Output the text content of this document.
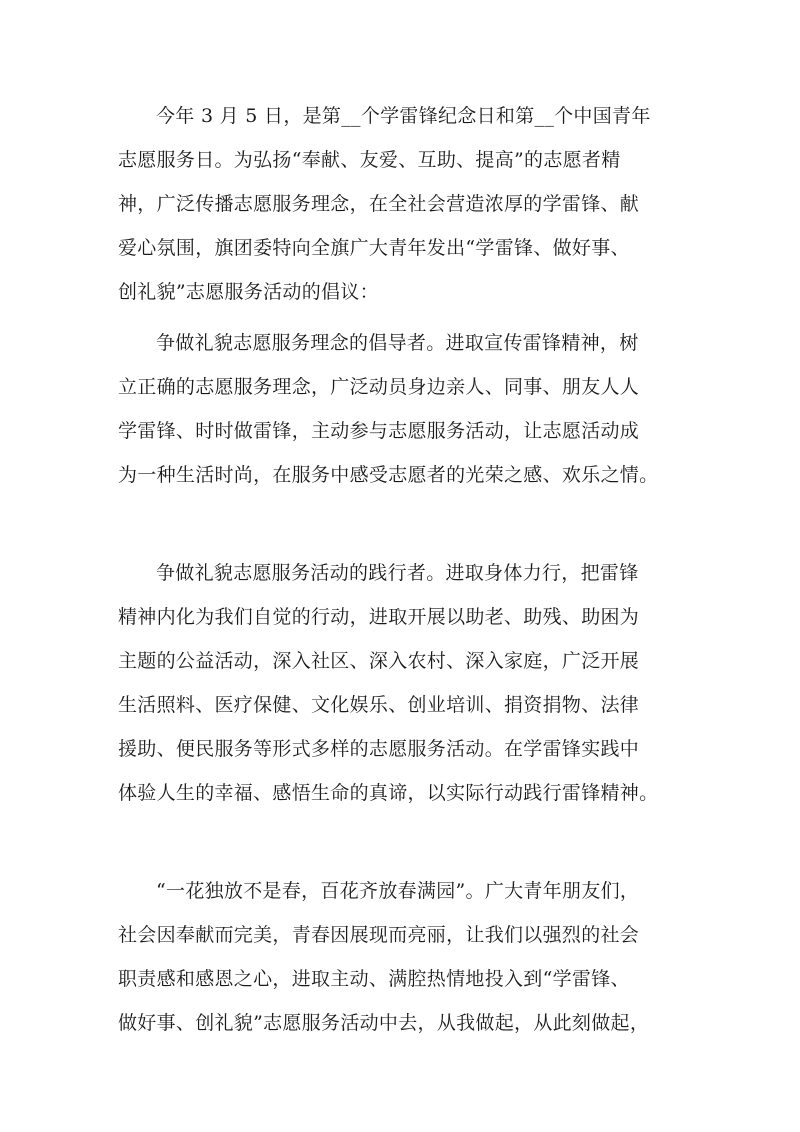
今年 3 月 5 日，是第__个学雷锋纪念日和第__个中国青年
志愿服务日。为弘扬“奉献、友爱、互助、提高”的志愿者精
神，广泛传播志愿服务理念，在全社会营造浓厚的学雷锋、献
爱心氛围，旗团委特向全旗广大青年发出“学雷锋、做好事、
创礼貌”志愿服务活动的倡议：
争做礼貌志愿服务理念的倡导者。进取宣传雷锋精神，树
立正确的志愿服务理念，广泛动员身边亲人、同事、朋友人人
学雷锋、时时做雷锋，主动参与志愿服务活动，让志愿活动成
为一种生活时尚，在服务中感受志愿者的光荣之感、欢乐之情。
争做礼貌志愿服务活动的践行者。进取身体力行，把雷锋
精神内化为我们自觉的行动，进取开展以助老、助残、助困为
主题的公益活动，深入社区、深入农村、深入家庭，广泛开展
生活照料、医疗保健、文化娱乐、创业培训、捐资捐物、法律
援助、便民服务等形式多样的志愿服务活动。在学雷锋实践中
体验人生的幸福、感悟生命的真谛，以实际行动践行雷锋精神。
“一花独放不是春，百花齐放春满园”。广大青年朋友们，
社会因奉献而完美，青春因展现而亮丽，让我们以强烈的社会
职责感和感恩之心，进取主动、满腔热情地投入到“学雷锋、
做好事、创礼貌”志愿服务活动中去，从我做起，从此刻做起，
